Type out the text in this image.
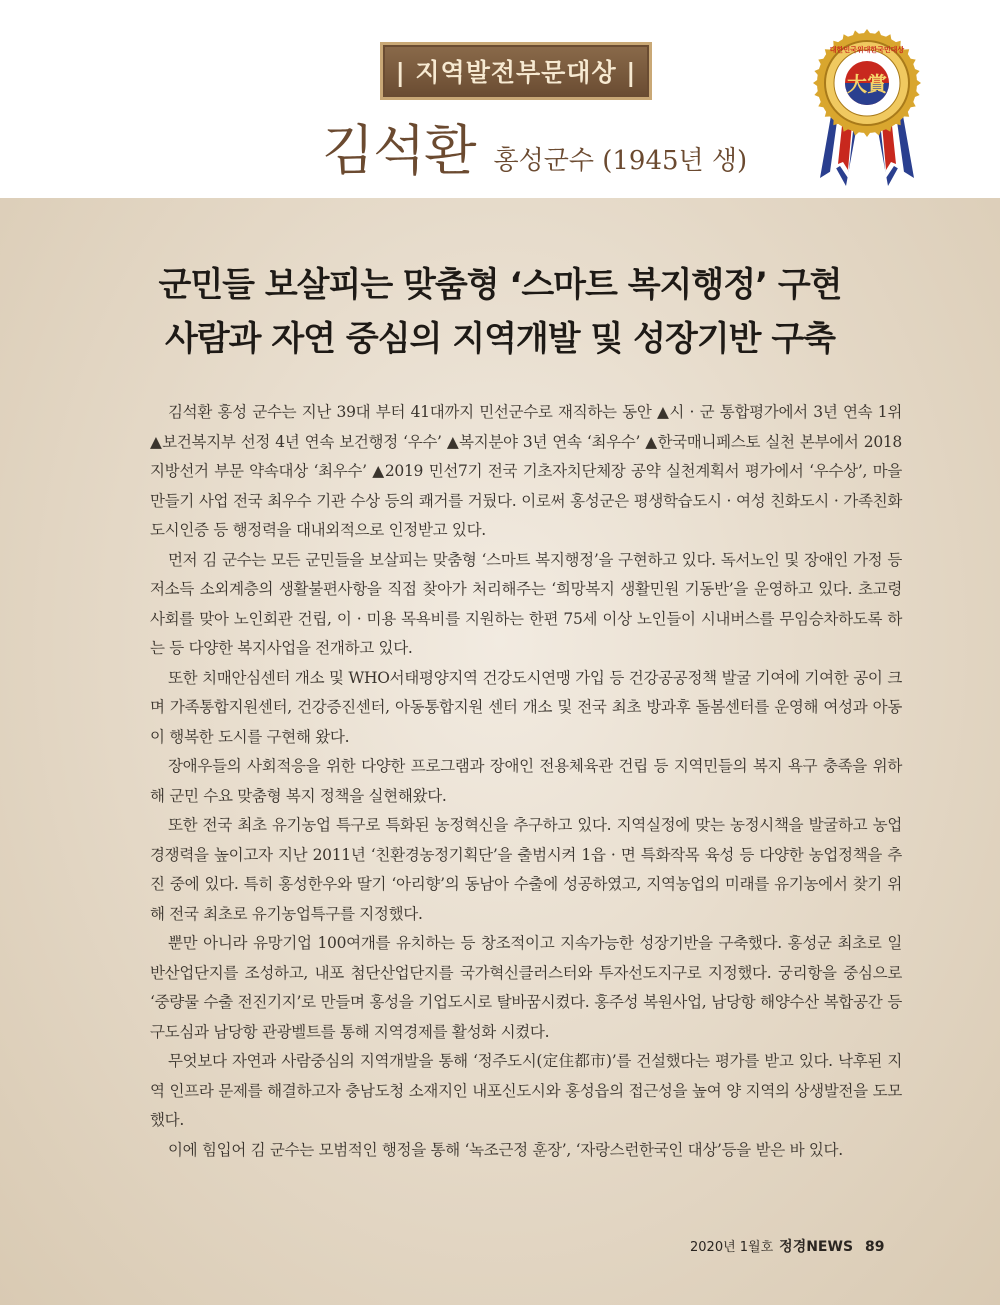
| 지역발전부문대상 |
김석환 홍성군수 (1945년 생)
大賞
대한민국위대한국민대상
군민들 보살피는 맞춤형 ‘스마트 복지행정’ 구현
사람과 자연 중심의 지역개발 및 성장기반 구축

김석환 홍성 군수는 지난 39대 부터 41대까지 민선군수로 재직하는 동안 ▲시 · 군 통합평가에서 3년 연속 1위 ▲보건복지부 선정 4년 연속 보건행정 ‘우수’ ▲복지분야 3년 연속 ‘최우수’ ▲한국매니페스토 실천 본부에서 2018 지방선거 부문 약속대상 ‘최우수’ ▲2019 민선7기 전국 기초자치단체장 공약 실천계획서 평가에서 ‘우수상’, 마을만들기 사업 전국 최우수 기관 수상 등의 쾌거를 거뒀다. 이로써 홍성군은 평생학습도시 · 여성 친화도시 · 가족친화 도시인증 등 행정력을 대내외적으로 인정받고 있다.

먼저 김 군수는 모든 군민들을 보살피는 맞춤형 ‘스마트 복지행정’을 구현하고 있다. 독서노인 및 장애인 가정 등 저소득 소외계층의 생활불편사항을 직접 찾아가 처리해주는 ‘희망복지 생활민원 기동반’을 운영하고 있다. 초고령 사회를 맞아 노인회관 건립, 이 · 미용 목욕비를 지원하는 한편 75세 이상 노인들이 시내버스를 무임승차하도록 하는 등 다양한 복지사업을 전개하고 있다.

또한 치매안심센터 개소 및 WHO서태평양지역 건강도시연맹 가입 등 건강공공정책 발굴 기여에 기여한 공이 크며 가족통합지원센터, 건강증진센터, 아동통합지원 센터 개소 및 전국 최초 방과후 돌봄센터를 운영해 여성과 아동이 행복한 도시를 구현해 왔다.

장애우들의 사회적응을 위한 다양한 프로그램과 장애인 전용체육관 건립 등 지역민들의 복지 욕구 충족을 위하해 군민 수요 맞춤형 복지 정책을 실현해왔다.

또한 전국 최초 유기농업 특구로 특화된 농정혁신을 추구하고 있다. 지역실정에 맞는 농정시책을 발굴하고 농업경쟁력을 높이고자 지난 2011년 ‘친환경농정기획단’을 출범시켜 1읍 · 면 특화작목 육성 등 다양한 농업정책을 추진 중에 있다. 특히 홍성한우와 딸기 ‘아리향’의 동남아 수출에 성공하였고, 지역농업의 미래를 유기농에서 찾기 위해 전국 최초로 유기농업특구를 지정했다.

뿐만 아니라 유망기업 100여개를 유치하는 등 창조적이고 지속가능한 성장기반을 구축했다. 홍성군 최초로 일반산업단지를 조성하고, 내포 첨단산업단지를 국가혁신클러스터와 투자선도지구로 지정했다. 궁리항을 중심으로 ‘중량물 수출 전진기지’로 만들며 홍성을 기업도시로 탈바꿈시켰다. 홍주성 복원사업, 남당항 해양수산 복합공간 등 구도심과 남당항 관광벨트를 통해 지역경제를 활성화 시켰다.

무엇보다 자연과 사람중심의 지역개발을 통해 ‘정주도시(定住都市)’를 건설했다는 평가를 받고 있다. 낙후된 지역 인프라 문제를 해결하고자 충남도청 소재지인 내포신도시와 홍성읍의 접근성을 높여 양 지역의 상생발전을 도모했다.

이에 힘입어 김 군수는 모범적인 행정을 통해 ‘녹조근정 훈장’, ‘자랑스런한국인 대상’등을 받은 바 있다.

2020년 1월호 정경NEWS 89
